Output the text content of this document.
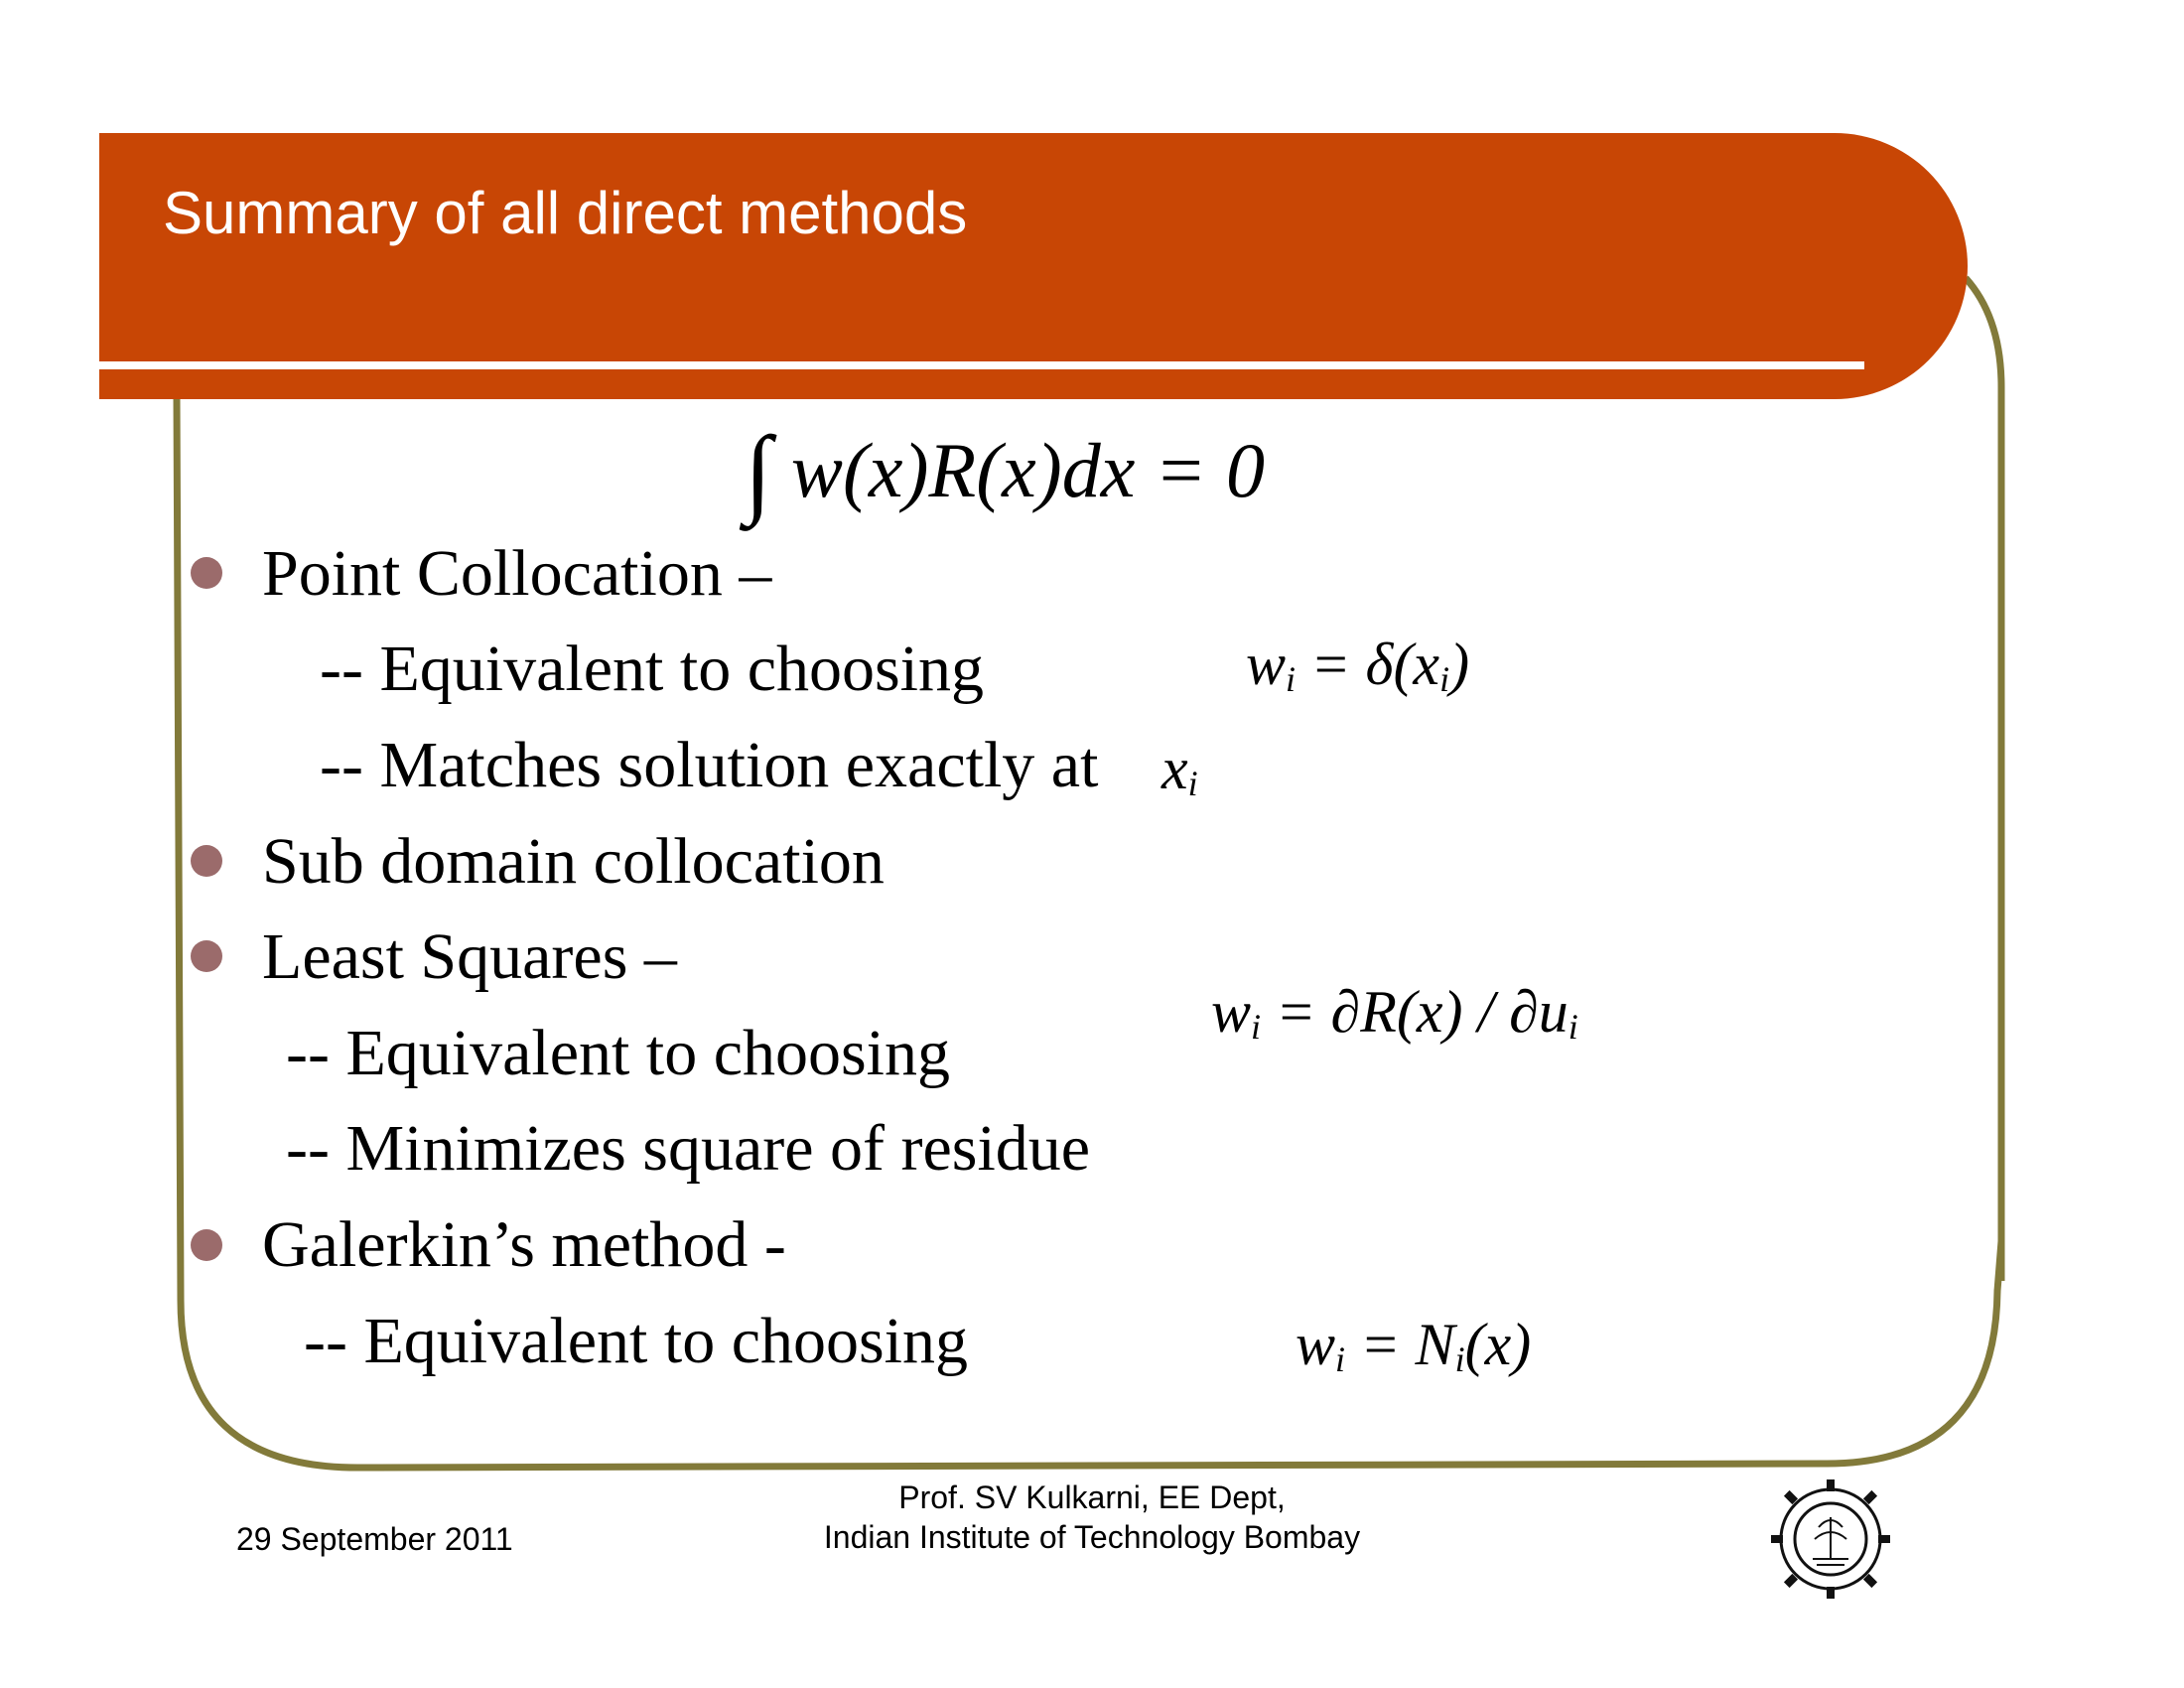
Summary of all direct methods
∫ w(x)R(x)dx = 0
Point Collocation –
-- Equivalent to choosing
-- Matches solution exactly at
Sub domain collocation
Least Squares –
-- Equivalent to choosing
-- Minimizes square of residue
Galerkin’s method -
-- Equivalent to choosing
$w_i = \delta(x_i)$
$x_i$
$w_i = \partial R(x) / \partial u_i$
$w_i = N_i(x)$
29 September 2011
Prof. SV Kulkarni, EE Dept,
Indian Institute of Technology Bombay
